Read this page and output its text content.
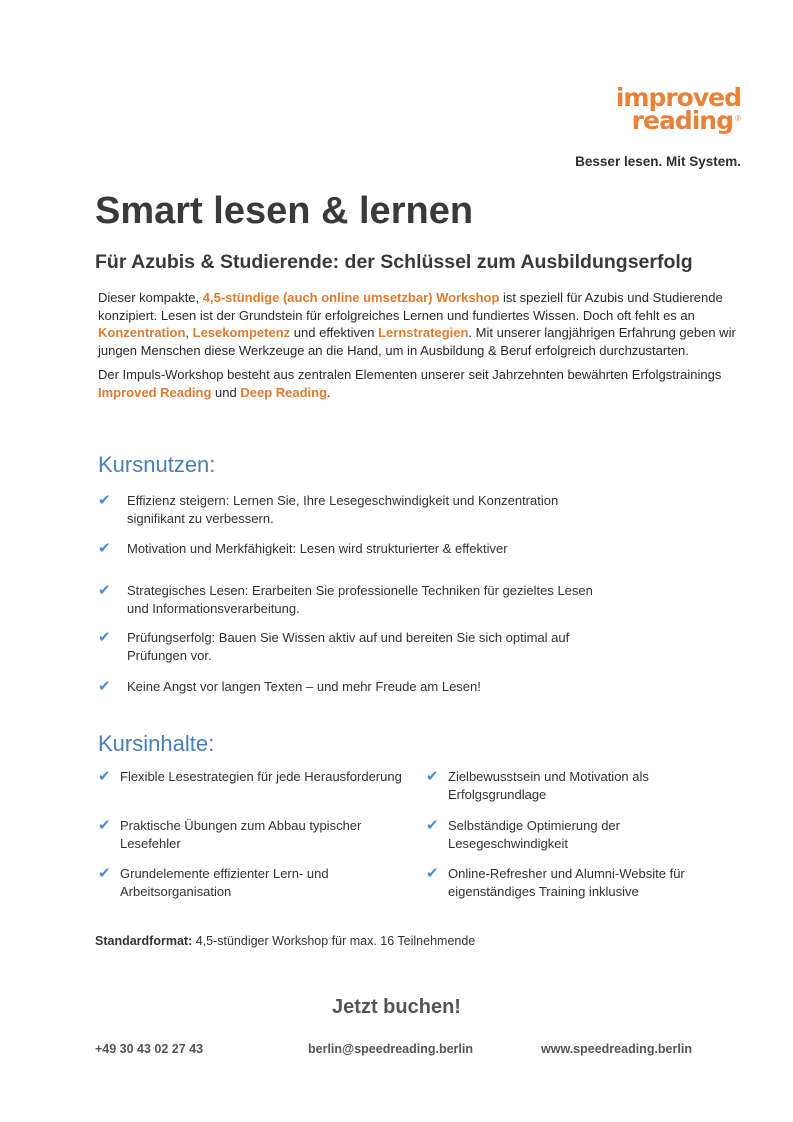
improved
reading ®
Besser lesen. Mit System.
Smart lesen & lernen
Für Azubis & Studierende: der Schlüssel zum Ausbildungserfolg

Dieser kompakte, 4,5-stündige (auch online umsetzbar) Workshop ist speziell für Azubis und Studierende konzipiert. Lesen ist der Grundstein für erfolgreiches Lernen und fundiertes Wissen. Doch oft fehlt es an Konzentration, Lesekompetenz und effektiven Lernstrategien. Mit unserer langjährigen Erfahrung geben wir jungen Menschen diese Werkzeuge an die Hand, um in Ausbildung & Beruf erfolgreich durchzustarten.

Der Impuls-Workshop besteht aus zentralen Elementen unserer seit Jahrzehnten bewährten Erfolgstrainings Improved Reading und Deep Reading.

Kursnutzen:
✔ Effizienz steigern: Lernen Sie, Ihre Lesegeschwindigkeit und Konzentration signifikant zu verbessern.
✔ Motivation und Merkfähigkeit: Lesen wird strukturierter & effektiver
✔ Strategisches Lesen: Erarbeiten Sie professionelle Techniken für gezieltes Lesen und Informationsverarbeitung.
✔ Prüfungserfolg: Bauen Sie Wissen aktiv auf und bereiten Sie sich optimal auf Prüfungen vor.
✔ Keine Angst vor langen Texten – und mehr Freude am Lesen!
Kursinhalte:
✔ Flexible Lesestrategien für jede Herausforderung
✔ Praktische Übungen zum Abbau typischer Lesefehler
✔ Grundelemente effizienter Lern- und Arbeitsorganisation
✔ Zielbewusstsein und Motivation als Erfolgsgrundlage
✔ Selbständige Optimierung der Lesegeschwindigkeit
✔ Online-Refresher und Alumni-Website für eigenständiges Training inklusive
Standardformat: 4,5-stündiger Workshop für max. 16 Teilnehmende
Jetzt buchen!
+49 30 43 02 27 43	berlin@speedreading.berlin	www.speedreading.berlin
